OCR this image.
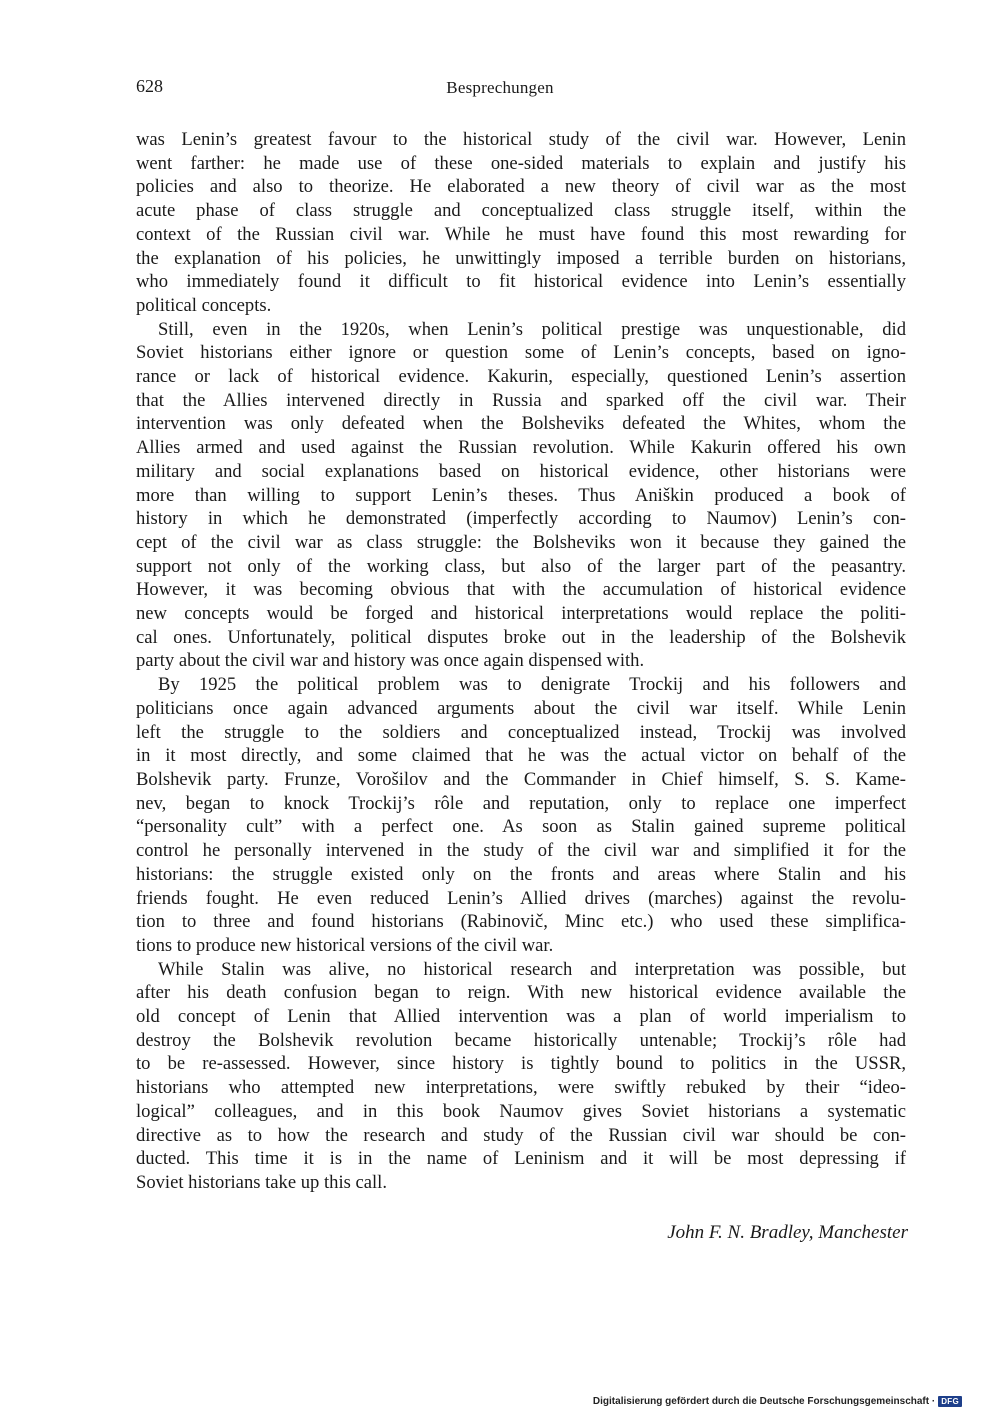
628	Besprechungen
was Lenin’s greatest favour to the historical study of the civil war. However, Lenin
went farther: he made use of these one-sided materials to explain and justify his
policies and also to theorize. He elaborated a new theory of civil war as the most
acute phase of class struggle and conceptualized class struggle itself, within the
context of the Russian civil war. While he must have found this most rewarding for
the explanation of his policies, he unwittingly imposed a terrible burden on historians,
who immediately found it difficult to fit historical evidence into Lenin’s essentially
political concepts.
Still, even in the 1920s, when Lenin’s political prestige was unquestionable, did
Soviet historians either ignore or question some of Lenin’s concepts, based on igno-
rance or lack of historical evidence. Kakurin, especially, questioned Lenin’s assertion
that the Allies intervened directly in Russia and sparked off the civil war. Their
intervention was only defeated when the Bolsheviks defeated the Whites, whom the
Allies armed and used against the Russian revolution. While Kakurin offered his own
military and social explanations based on historical evidence, other historians were
more than willing to support Lenin’s theses. Thus Aniškin produced a book of
history in which he demonstrated (imperfectly according to Naumov) Lenin’s con-
cept of the civil war as class struggle: the Bolsheviks won it because they gained the
support not only of the working class, but also of the larger part of the peasantry.
However, it was becoming obvious that with the accumulation of historical evidence
new concepts would be forged and historical interpretations would replace the politi-
cal ones. Unfortunately, political disputes broke out in the leadership of the Bolshevik
party about the civil war and history was once again dispensed with.
By 1925 the political problem was to denigrate Trockij and his followers and
politicians once again advanced arguments about the civil war itself. While Lenin
left the struggle to the soldiers and conceptualized instead, Trockij was involved
in it most directly, and some claimed that he was the actual victor on behalf of the
Bolshevik party. Frunze, Vorošilov and the Commander in Chief himself, S. S. Kame-
nev, began to knock Trockij’s rôle and reputation, only to replace one imperfect
“personality cult” with a perfect one. As soon as Stalin gained supreme political
control he personally intervened in the study of the civil war and simplified it for the
historians: the struggle existed only on the fronts and areas where Stalin and his
friends fought. He even reduced Lenin’s Allied drives (marches) against the revolu-
tion to three and found historians (Rabinovič, Minc etc.) who used these simplifica-
tions to produce new historical versions of the civil war.
While Stalin was alive, no historical research and interpretation was possible, but
after his death confusion began to reign. With new historical evidence available the
old concept of Lenin that Allied intervention was a plan of world imperialism to
destroy the Bolshevik revolution became historically untenable; Trockij’s rôle had
to be re-assessed. However, since history is tightly bound to politics in the USSR,
historians who attempted new interpretations, were swiftly rebuked by their “ideo-
logical” colleagues, and in this book Naumov gives Soviet historians a systematic
directive as to how the research and study of the Russian civil war should be con-
ducted. This time it is in the name of Leninism and it will be most depressing if
Soviet historians take up this call.
John F. N. Bradley, Manchester
Digitalisierung gefördert durch die Deutsche Forschungsgemeinschaft · DFG
